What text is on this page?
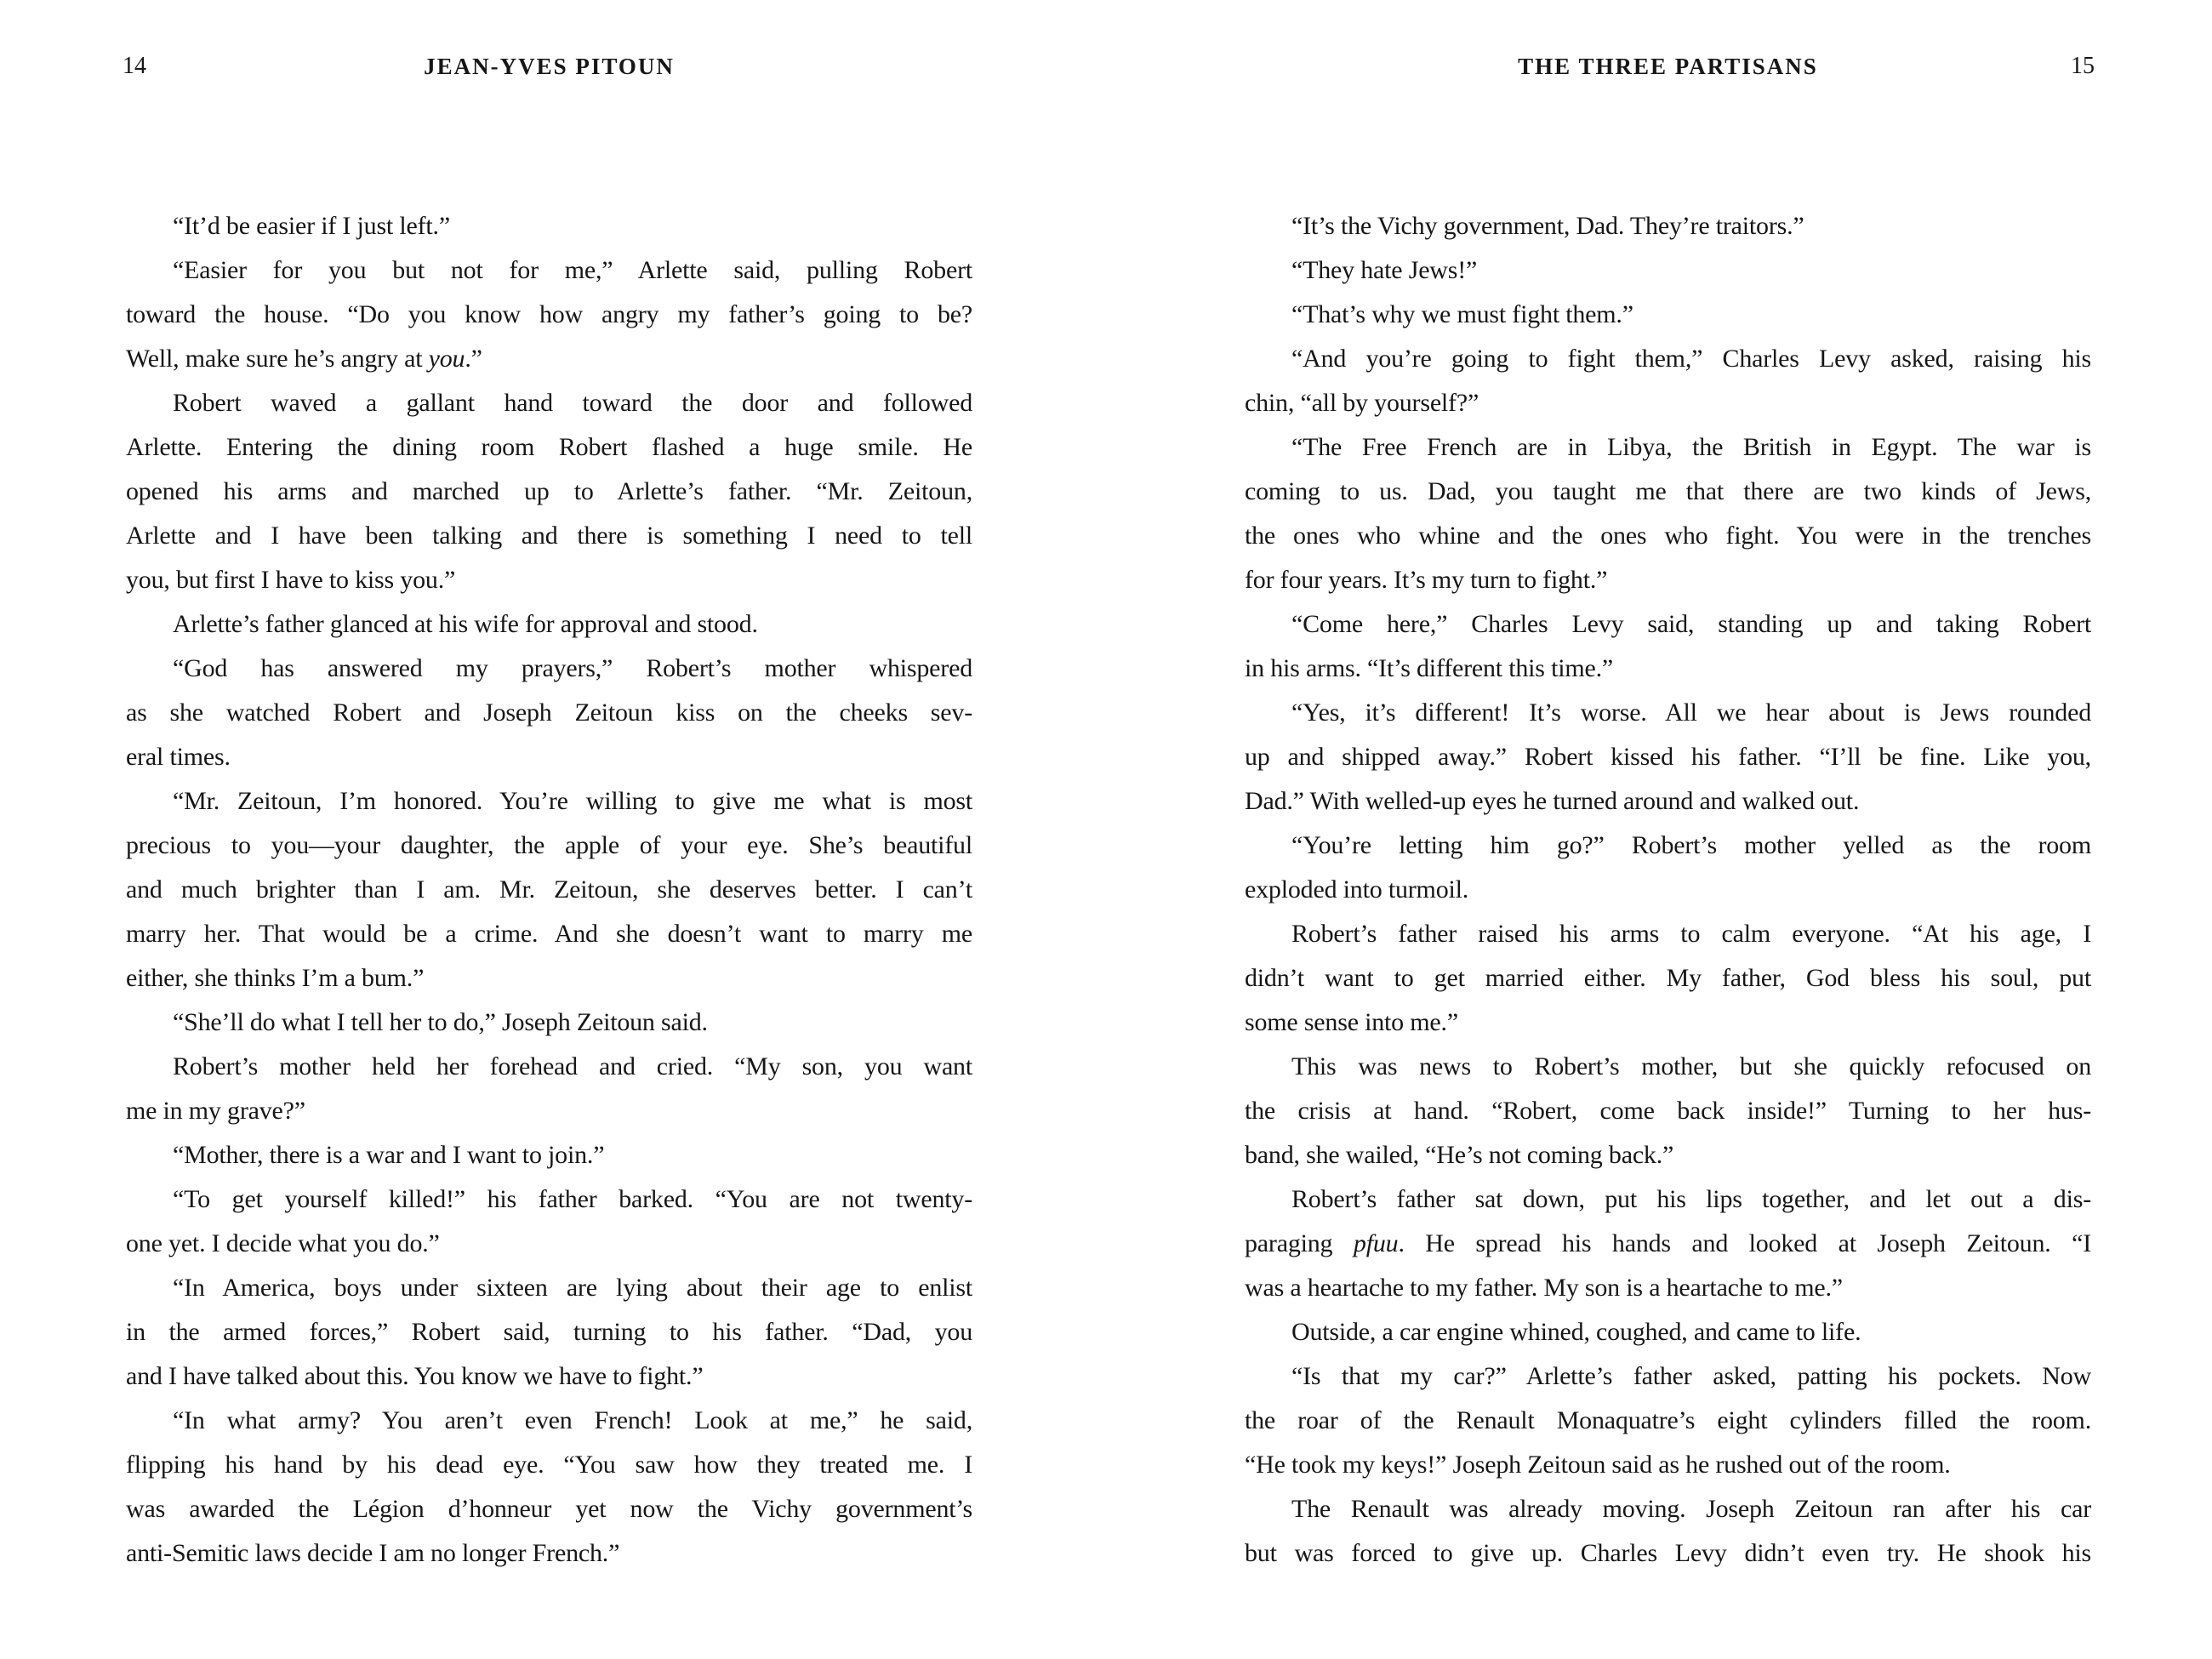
14	JEAN-YVES PITOUN	THE THREE PARTISANS	15
“It’d be easier if I just left.”
“Easier for you but not for me,” Arlette said, pulling Robert
toward the house. “Do you know how angry my father’s going to be?
Well, make sure he’s angry at you.”
Robert waved a gallant hand toward the door and followed
Arlette. Entering the dining room Robert flashed a huge smile. He
opened his arms and marched up to Arlette’s father. “Mr. Zeitoun,
Arlette and I have been talking and there is something I need to tell
you, but first I have to kiss you.”
Arlette’s father glanced at his wife for approval and stood.
“God has answered my prayers,” Robert’s mother whispered
as she watched Robert and Joseph Zeitoun kiss on the cheeks sev-
eral times.
“Mr. Zeitoun, I’m honored. You’re willing to give me what is most
precious to you—your daughter, the apple of your eye. She’s beautiful
and much brighter than I am. Mr. Zeitoun, she deserves better. I can’t
marry her. That would be a crime. And she doesn’t want to marry me
either, she thinks I’m a bum.”
“She’ll do what I tell her to do,” Joseph Zeitoun said.
Robert’s mother held her forehead and cried. “My son, you want
me in my grave?”
“Mother, there is a war and I want to join.”
“To get yourself killed!” his father barked. “You are not twenty-
one yet. I decide what you do.”
“In America, boys under sixteen are lying about their age to enlist
in the armed forces,” Robert said, turning to his father. “Dad, you
and I have talked about this. You know we have to fight.”
“In what army? You aren’t even French! Look at me,” he said,
flipping his hand by his dead eye. “You saw how they treated me. I
was awarded the Légion d’honneur yet now the Vichy government’s
anti-Semitic laws decide I am no longer French.”
“It’s the Vichy government, Dad. They’re traitors.”
“They hate Jews!”
“That’s why we must fight them.”
“And you’re going to fight them,” Charles Levy asked, raising his
chin, “all by yourself?”
“The Free French are in Libya, the British in Egypt. The war is
coming to us. Dad, you taught me that there are two kinds of Jews,
the ones who whine and the ones who fight. You were in the trenches
for four years. It’s my turn to fight.”
“Come here,” Charles Levy said, standing up and taking Robert
in his arms. “It’s different this time.”
“Yes, it’s different! It’s worse. All we hear about is Jews rounded
up and shipped away.” Robert kissed his father. “I’ll be fine. Like you,
Dad.” With welled-up eyes he turned around and walked out.
“You’re letting him go?” Robert’s mother yelled as the room
exploded into turmoil.
Robert’s father raised his arms to calm everyone. “At his age, I
didn’t want to get married either. My father, God bless his soul, put
some sense into me.”
This was news to Robert’s mother, but she quickly refocused on
the crisis at hand. “Robert, come back inside!” Turning to her hus-
band, she wailed, “He’s not coming back.”
Robert’s father sat down, put his lips together, and let out a dis-
paraging pfuu. He spread his hands and looked at Joseph Zeitoun. “I
was a heartache to my father. My son is a heartache to me.”
Outside, a car engine whined, coughed, and came to life.
“Is that my car?” Arlette’s father asked, patting his pockets. Now
the roar of the Renault Monaquatre’s eight cylinders filled the room.
“He took my keys!” Joseph Zeitoun said as he rushed out of the room.
The Renault was already moving. Joseph Zeitoun ran after his car
but was forced to give up. Charles Levy didn’t even try. He shook his
